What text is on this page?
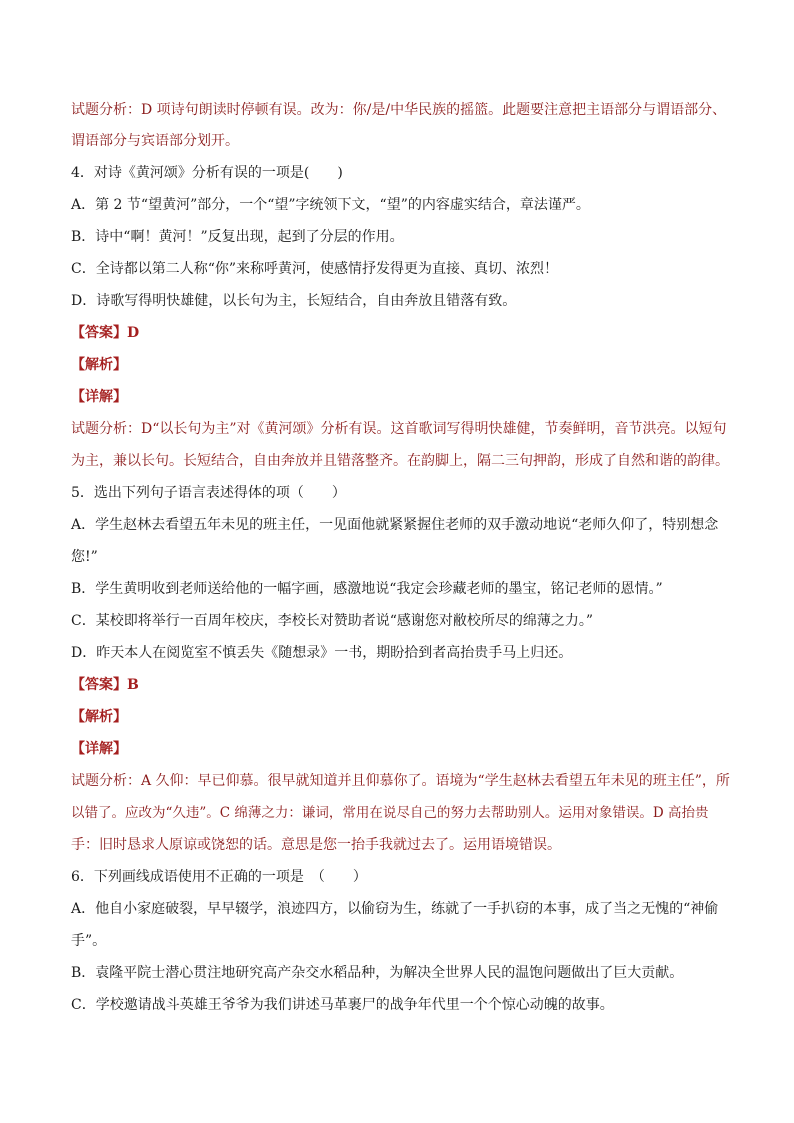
试题分析：D 项诗句朗读时停顿有误。改为：你/是/中华民族的摇篮。此题要注意把主语部分与谓语部分、

谓语部分与宾语部分划开。

4．对诗《黄河颂》分析有误的一项是(　　)

A．第 2 节“望黄河”部分，一个“望”字统领下文，“望”的内容虚实结合，章法谨严。

B．诗中“啊！黄河！”反复出现，起到了分层的作用。

C．全诗都以第二人称“你”来称呼黄河，使感情抒发得更为直接、真切、浓烈！

D．诗歌写得明快雄健，以长句为主，长短结合，自由奔放且错落有致。

【答案】D

【解析】

【详解】

试题分析：D“以长句为主”对《黄河颂》分析有误。这首歌词写得明快雄健，节奏鲜明，音节洪亮。以短句

为主，兼以长句。长短结合，自由奔放并且错落整齐。在韵脚上，隔二三句押韵，形成了自然和谐的韵律。

5．选出下列句子语言表述得体的项（　　）

A．学生赵林去看望五年未见的班主任，一见面他就紧紧握住老师的双手激动地说“老师久仰了，特别想念

您!”

B．学生黄明收到老师送给他的一幅字画，感激地说“我定会珍藏老师的墨宝，铭记老师的恩情。”

C．某校即将举行一百周年校庆，李校长对赞助者说“感谢您对敝校所尽的绵薄之力。”

D．昨天本人在阅览室不慎丢失《随想录》一书，期盼拾到者高抬贵手马上归还。

【答案】B

【解析】

【详解】

试题分析：A 久仰：早已仰慕。很早就知道并且仰慕你了。语境为“学生赵林去看望五年未见的班主任”，所

以错了。应改为“久违”。C 绵薄之力：谦词，常用在说尽自己的努力去帮助别人。运用对象错误。D 高抬贵

手：旧时恳求人原谅或饶恕的话。意思是您一抬手我就过去了。运用语境错误。

6．下列画线成语使用不正确的一项是　（　　）

A．他自小家庭破裂，早早辍学，浪迹四方，以偷窃为生，练就了一手扒窃的本事，成了当之无愧的“神偷

手”。

B．袁隆平院士潜心贯注地研究高产杂交水稻品种，为解决全世界人民的温饱问题做出了巨大贡献。

C．学校邀请战斗英雄王爷爷为我们讲述马革裹尸的战争年代里一个个惊心动魄的故事。
